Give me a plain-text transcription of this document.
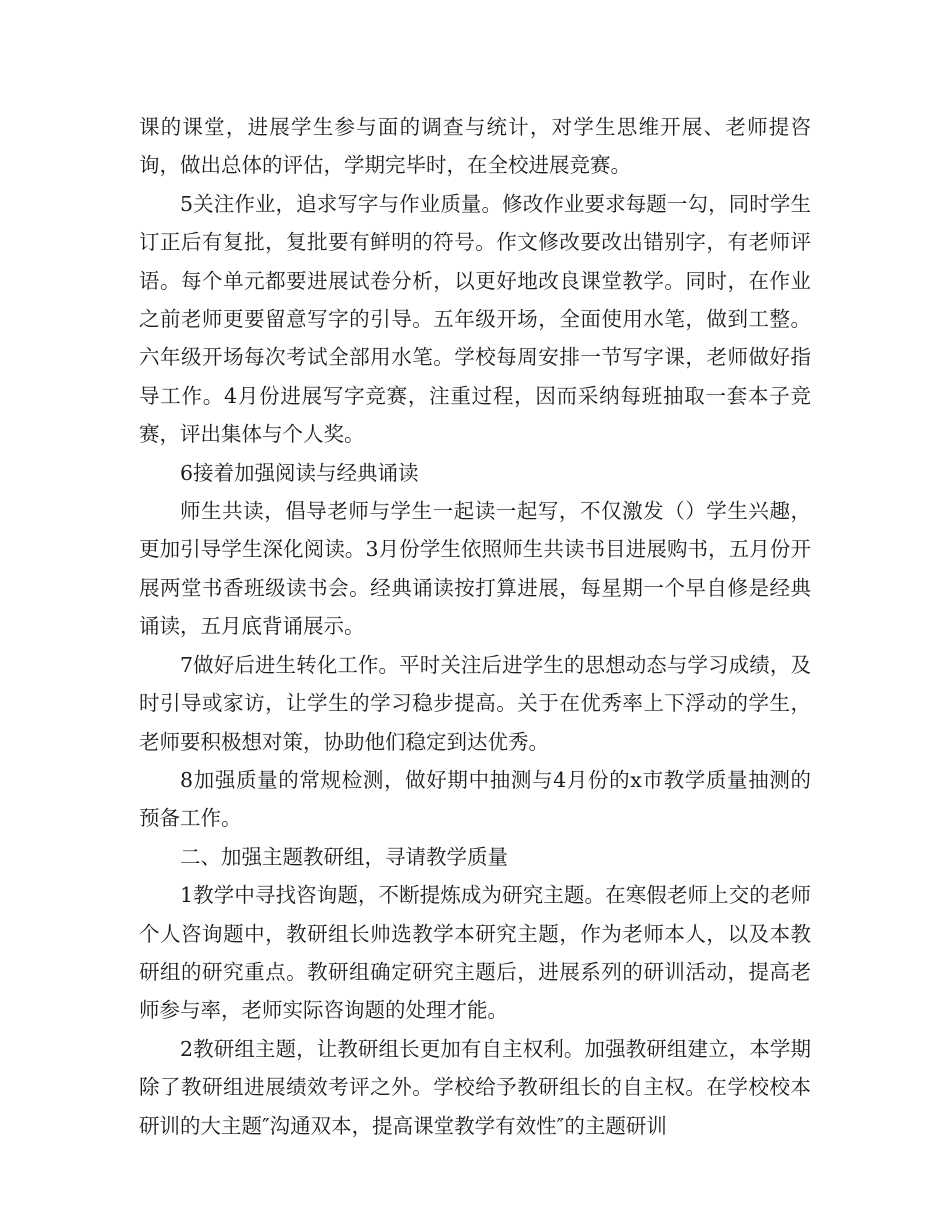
课的课堂，进展学生参与面的调查与统计，对学生思维开展、老师提咨询，做出总体的评估，学期完毕时，在全校进展竞赛。

5关注作业，追求写字与作业质量。修改作业要求每题一勾，同时学生订正后有复批，复批要有鲜明的符号。作文修改要改出错别字，有老师评语。每个单元都要进展试卷分析，以更好地改良课堂教学。同时，在作业之前老师更要留意写字的引导。五年级开场，全面使用水笔，做到工整。六年级开场每次考试全部用水笔。学校每周安排一节写字课，老师做好指导工作。4月份进展写字竞赛，注重过程，因而采纳每班抽取一套本子竞赛，评出集体与个人奖。

6接着加强阅读与经典诵读

师生共读，倡导老师与学生一起读一起写，不仅激发（）学生兴趣，更加引导学生深化阅读。3月份学生依照师生共读书目进展购书，五月份开展两堂书香班级读书会。经典诵读按打算进展，每星期一个早自修是经典诵读，五月底背诵展示。

7做好后进生转化工作。平时关注后进学生的思想动态与学习成绩，及时引导或家访，让学生的学习稳步提高。关于在优秀率上下浮动的学生，老师要积极想对策，协助他们稳定到达优秀。

8加强质量的常规检测，做好期中抽测与4月份的x市教学质量抽测的预备工作。

二、加强主题教研组，寻请教学质量

1教学中寻找咨询题，不断提炼成为研究主题。在寒假老师上交的老师个人咨询题中，教研组长帅选教学本研究主题，作为老师本人，以及本教研组的研究重点。教研组确定研究主题后，进展系列的研训活动，提高老师参与率，老师实际咨询题的处理才能。

2教研组主题，让教研组长更加有自主权利。加强教研组建立，本学期除了教研组进展绩效考评之外。学校给予教研组长的自主权。在学校校本研训的大主题″沟通双本，提高课堂教学有效性″的主题研训
